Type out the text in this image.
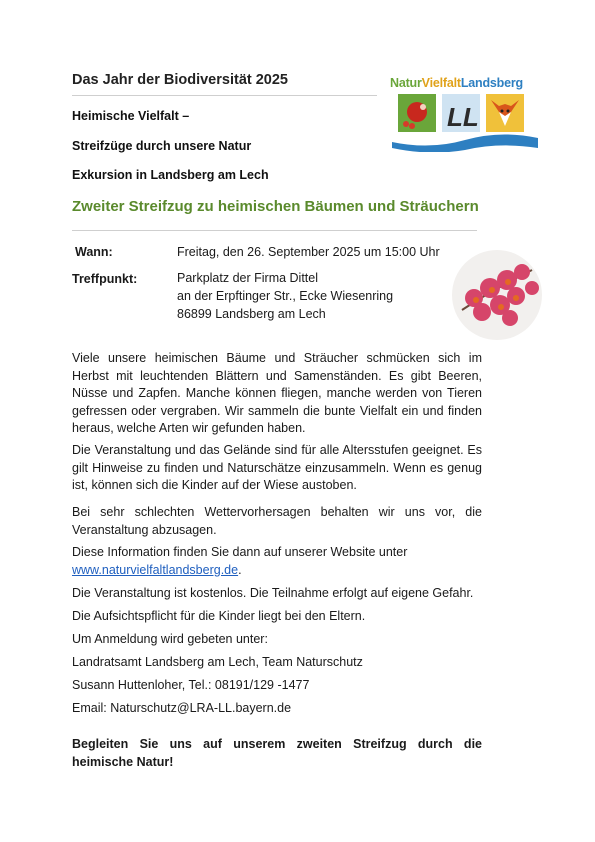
Das Jahr der Biodiversität 2025
Heimische Vielfalt –
Streifzüge durch unsere Natur
Exkursion in Landsberg am Lech
Zweiter Streifzug zu heimischen Bäumen und Sträuchern
NaturVielfaltLandsberg
LL
Wann:	Freitag, den 26. September 2025 um 15:00 Uhr
Treffpunkt:	Parkplatz der Firma Dittel
an der Erpftinger Str., Ecke Wiesenring
86899 Landsberg am Lech
Viele unsere heimischen Bäume und Sträucher schmücken sich im Herbst mit leuchtenden Blättern und Samenständen. Es gibt Beeren, Nüsse und Zapfen. Manche können fliegen, manche werden von Tieren gefressen oder vergraben. Wir sammeln die bunte Vielfalt ein und finden heraus, welche Arten wir gefunden haben.
Die Veranstaltung und das Gelände sind für alle Altersstufen geeignet. Es gilt Hinweise zu finden und Naturschätze einzusammeln. Wenn es genug ist, können sich die Kinder auf der Wiese austoben.
Bei sehr schlechten Wettervorhersagen behalten wir uns vor, die Veranstaltung abzusagen.
Diese Information finden Sie dann auf unserer Website unter
www.naturvielfaltlandsberg.de.
Die Veranstaltung ist kostenlos. Die Teilnahme erfolgt auf eigene Gefahr.
Die Aufsichtspflicht für die Kinder liegt bei den Eltern.
Um Anmeldung wird gebeten unter:
Landratsamt Landsberg am Lech, Team Naturschutz
Susann Huttenloher, Tel.: 08191/129 -1477
Email: Naturschutz@LRA-LL.bayern.de
Begleiten Sie uns auf unserem zweiten Streifzug durch die heimische Natur!
